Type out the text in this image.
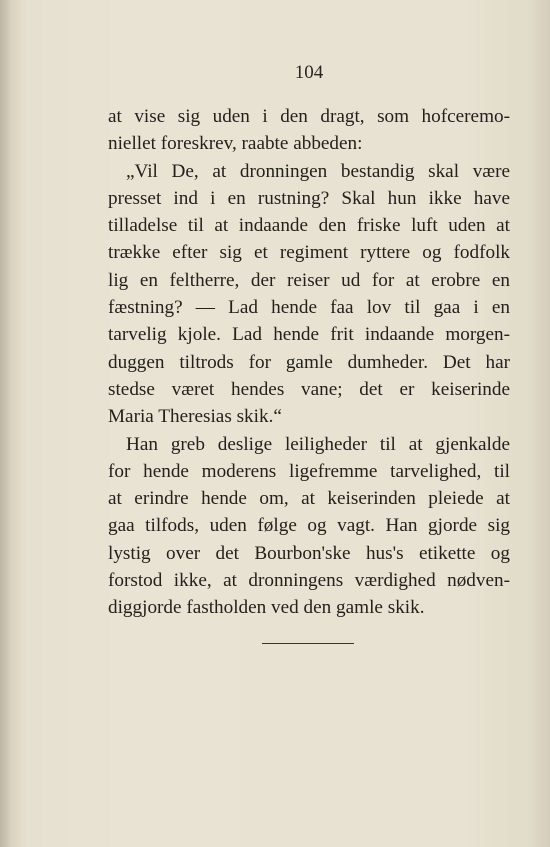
104
at vise sig uden i den dragt, som hofceremo-
niellet foreskrev, raabte abbeden:
„Vil De, at dronningen bestandig skal være
presset ind i en rustning? Skal hun ikke have
tilladelse til at indaande den friske luft uden at
trække efter sig et regiment ryttere og fodfolk
lig en feltherre, der reiser ud for at erobre en
fæstning? — Lad hende faa lov til gaa i en
tarvelig kjole. Lad hende frit indaande morgen-
duggen tiltrods for gamle dumheder. Det har
stedse været hendes vane; det er keiserinde
Maria Theresias skik.“
Han greb deslige leiligheder til at gjenkalde
for hende moderens ligefremme tarvelighed, til
at erindre hende om, at keiserinden pleiede at
gaa tilfods, uden følge og vagt. Han gjorde sig
lystig over det Bourbon'ske hus's etikette og
forstod ikke, at dronningens værdighed nødven-
diggjorde fastholden ved den gamle skik.
